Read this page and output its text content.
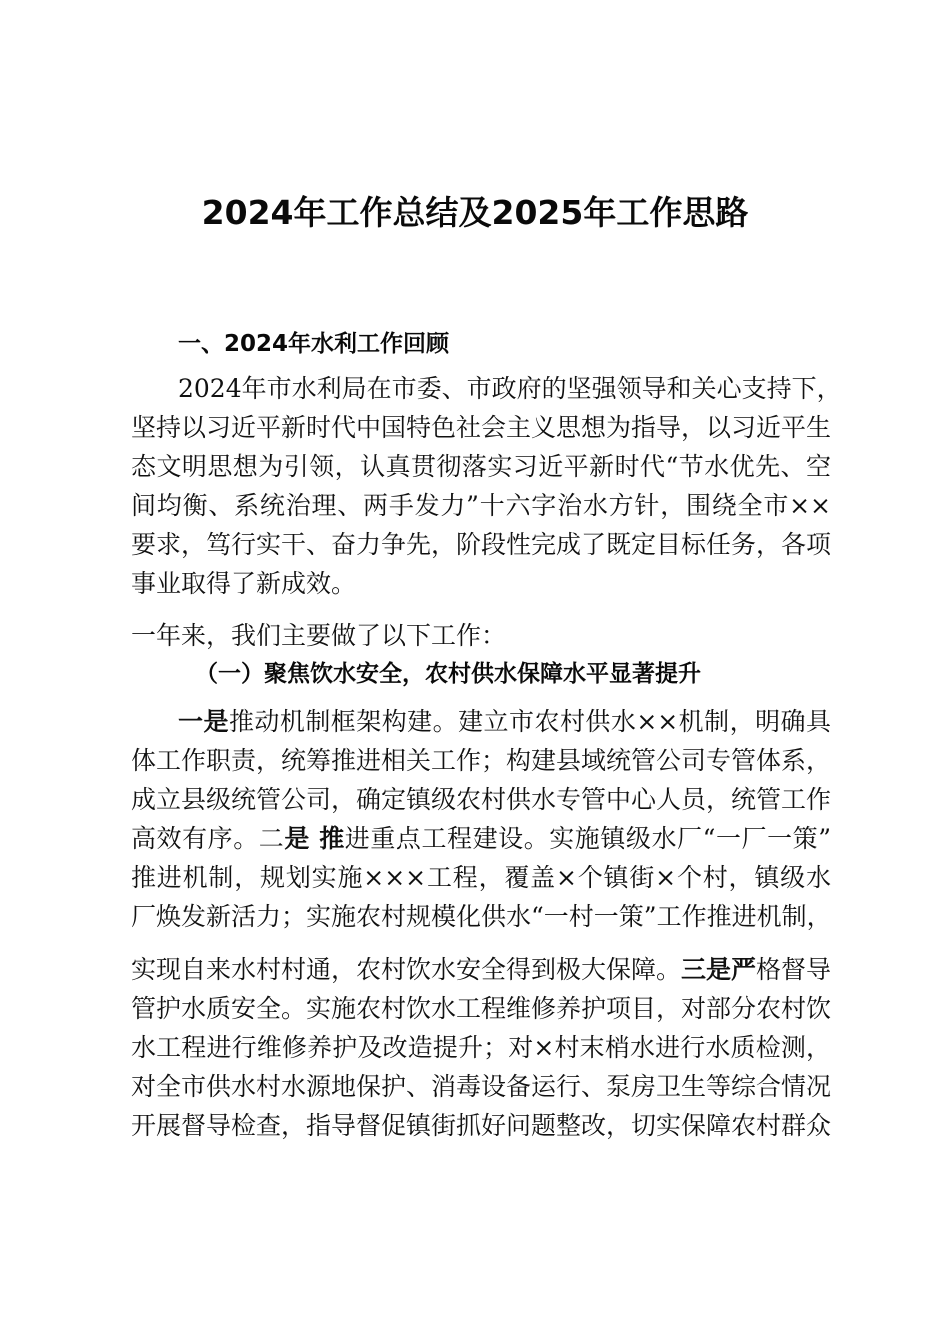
2024年工作总结及2025年工作思路
一、2024年水利工作回顾
2024年市水利局在市委、市政府的坚强领导和关心支持下，
坚持以习近平新时代中国特色社会主义思想为指导，以习近平生
态文明思想为引领，认真贯彻落实习近平新时代“节水优先、空
间均衡、系统治理、两手发力”十六字治水方针，围绕全市××
要求，笃行实干、奋力争先，阶段性完成了既定目标任务，各项
事业取得了新成效。
一年来，我们主要做了以下工作：
（一）聚焦饮水安全，农村供水保障水平显著提升
一是推动机制框架构建。建立市农村供水××机制，明确具
体工作职责，统筹推进相关工作；构建县域统管公司专管体系，
成立县级统管公司，确定镇级农村供水专管中心人员，统管工作
高效有序。二是 推进重点工程建设。实施镇级水厂“一厂一策”
推进机制，规划实施×××工程，覆盖×个镇街×个村，镇级水
厂焕发新活力；实施农村规模化供水“一村一策”工作推进机制，
实现自来水村村通，农村饮水安全得到极大保障。三是严格督导
管护水质安全。实施农村饮水工程维修养护项目，对部分农村饮
水工程进行维修养护及改造提升；对×村末梢水进行水质检测，
对全市供水村水源地保护、消毒设备运行、泵房卫生等综合情况
开展督导检查，指导督促镇街抓好问题整改，切实保障农村群众
